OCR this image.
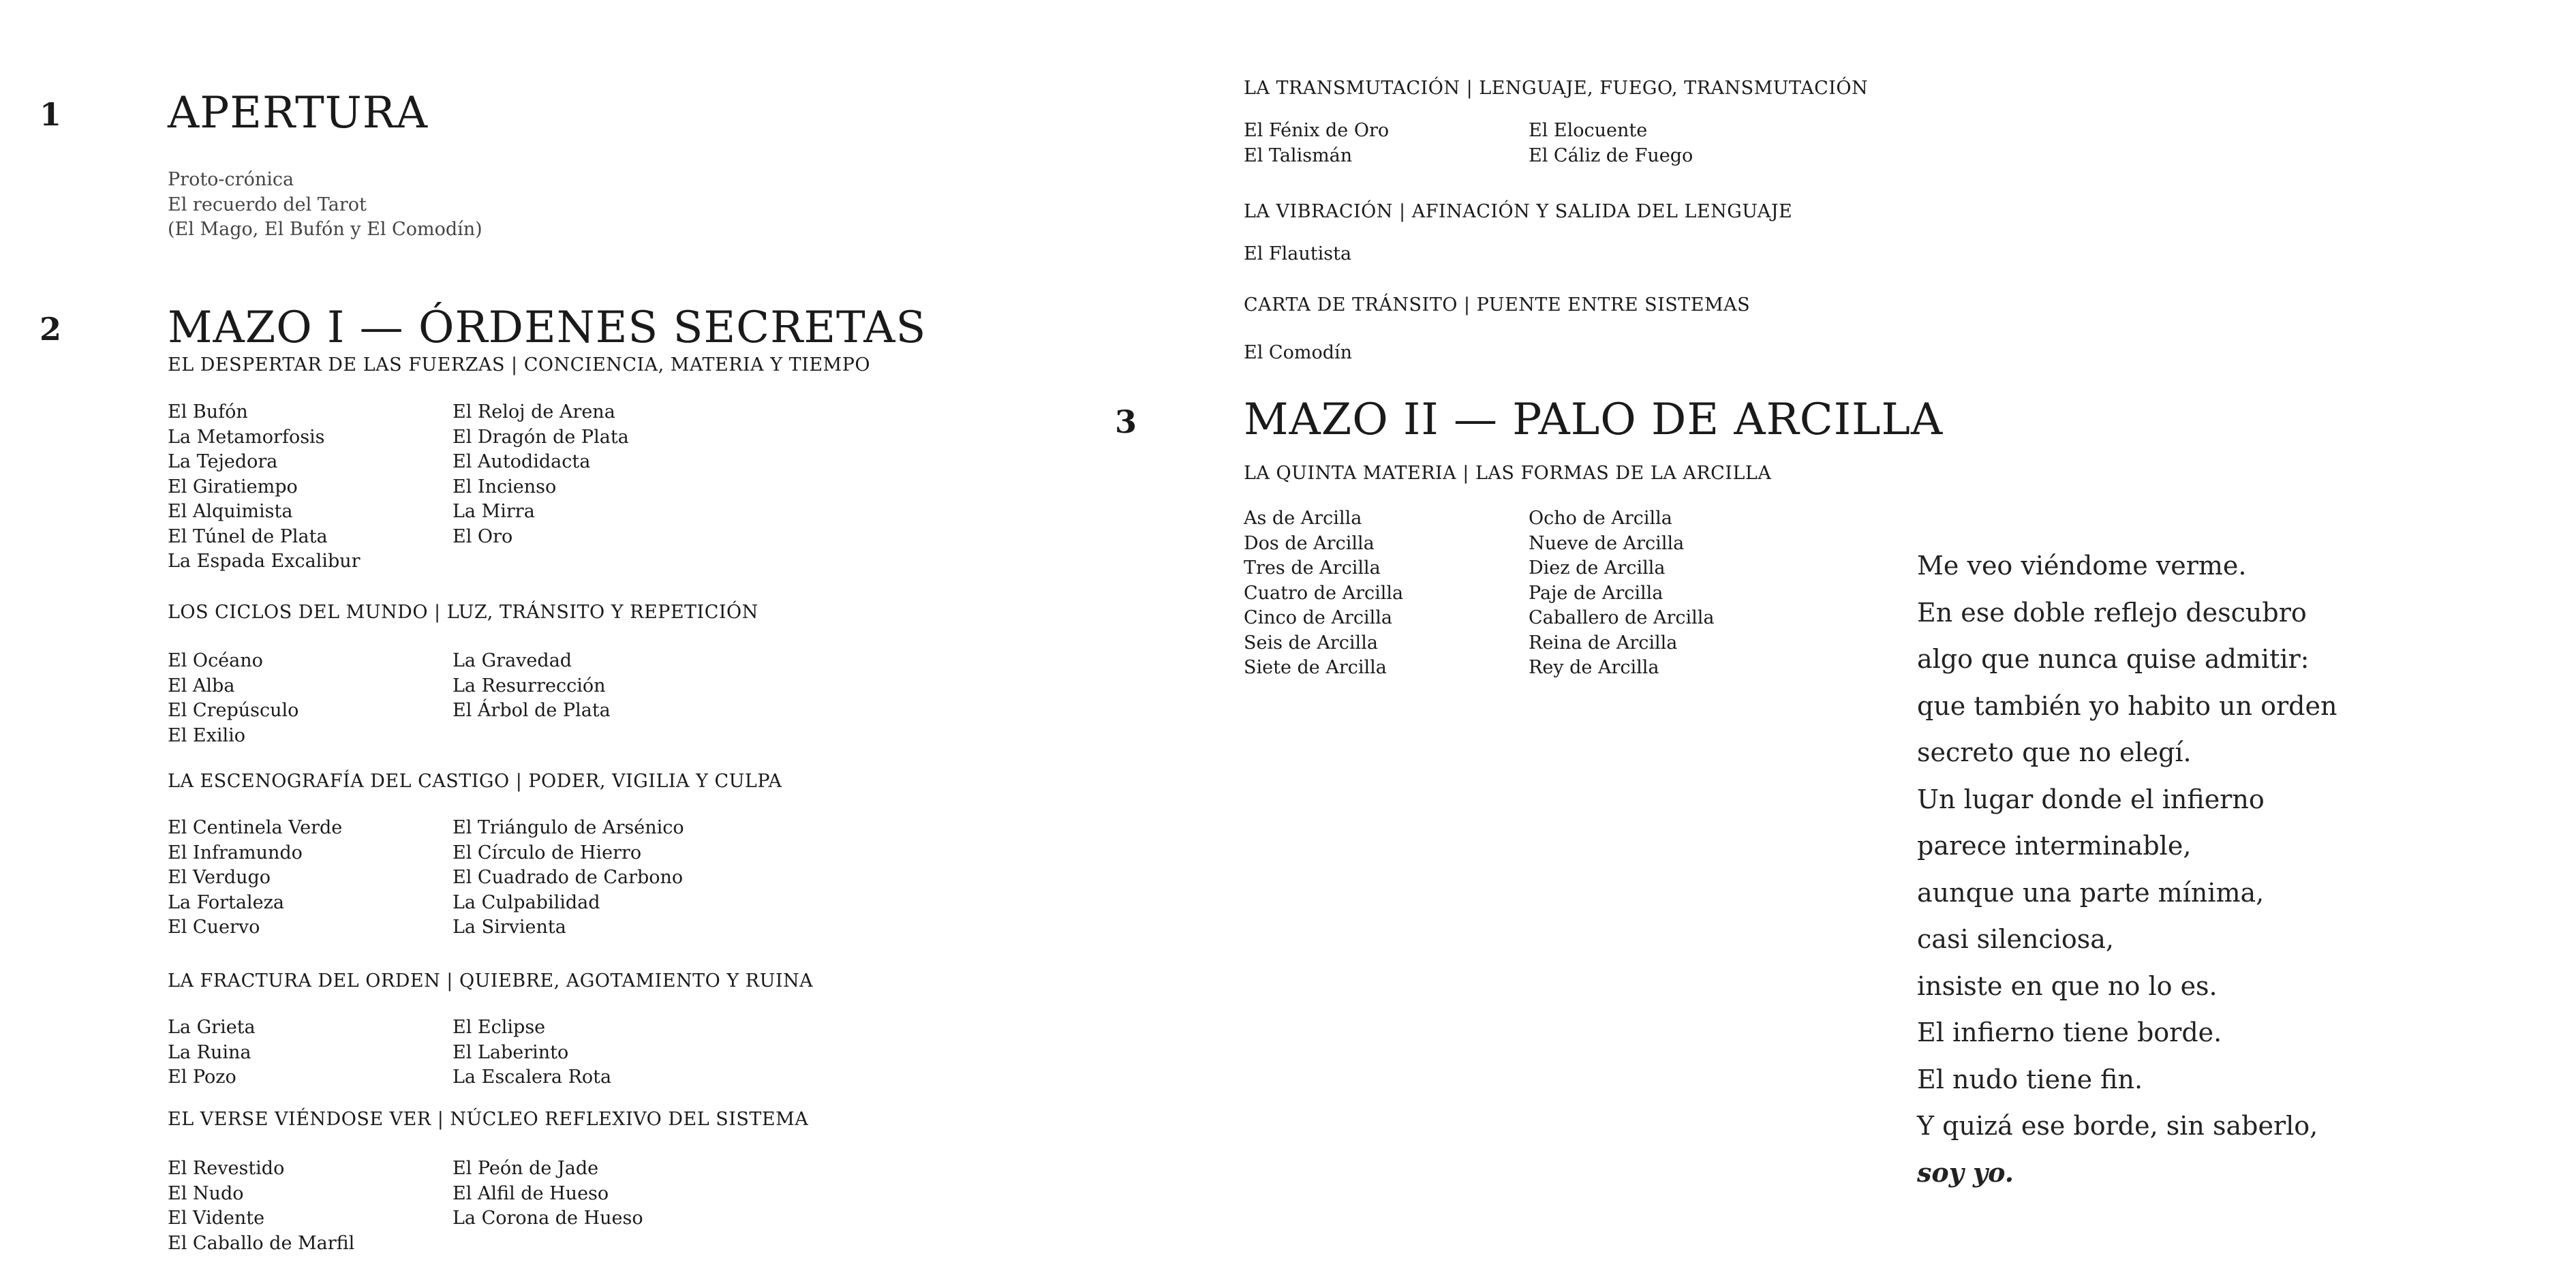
1 APERTURA
Proto-crónica
El recuerdo del Tarot
(El Mago, El Bufón y El Comodín)
2 MAZO I — ÓRDENES SECRETAS
EL DESPERTAR DE LAS FUERZAS | CONCIENCIA, MATERIA Y TIEMPO
El Bufón
La Metamorfosis
La Tejedora
El Giratiempo
El Alquimista
El Túnel de Plata
La Espada Excalibur
El Reloj de Arena
El Dragón de Plata
El Autodidacta
El Incienso
La Mirra
El Oro
LOS CICLOS DEL MUNDO | LUZ, TRÁNSITO Y REPETICIÓN
El Océano
El Alba
El Crepúsculo
El Exilio
La Gravedad
La Resurrección
El Árbol de Plata
LA ESCENOGRAFÍA DEL CASTIGO | PODER, VIGILIA Y CULPA
El Centinela Verde
El Inframundo
El Verdugo
La Fortaleza
El Cuervo
El Triángulo de Arsénico
El Círculo de Hierro
El Cuadrado de Carbono
La Culpabilidad
La Sirvienta
LA FRACTURA DEL ORDEN | QUIEBRE, AGOTAMIENTO Y RUINA
La Grieta
La Ruina
El Pozo
El Eclipse
El Laberinto
La Escalera Rota
EL VERSE VIÉNDOSE VER | NÚCLEO REFLEXIVO DEL SISTEMA
El Revestido
El Nudo
El Vidente
El Caballo de Marfil
El Peón de Jade
El Alfil de Hueso
La Corona de Hueso
LA TRANSMUTACIÓN | LENGUAJE, FUEGO, TRANSMUTACIÓN
El Fénix de Oro
El Talismán
El Elocuente
El Cáliz de Fuego
LA VIBRACIÓN | AFINACIÓN Y SALIDA DEL LENGUAJE
El Flautista
CARTA DE TRÁNSITO | PUENTE ENTRE SISTEMAS
El Comodín
3 MAZO II — PALO DE ARCILLA
LA QUINTA MATERIA | LAS FORMAS DE LA ARCILLA
As de Arcilla
Dos de Arcilla
Tres de Arcilla
Cuatro de Arcilla
Cinco de Arcilla
Seis de Arcilla
Siete de Arcilla
Ocho de Arcilla
Nueve de Arcilla
Diez de Arcilla
Paje de Arcilla
Caballero de Arcilla
Reina de Arcilla
Rey de Arcilla
Me veo viéndome verme.
En ese doble reflejo descubro
algo que nunca quise admitir:
que también yo habito un orden
secreto que no elegí.
Un lugar donde el infierno
parece interminable,
aunque una parte mínima,
casi silenciosa,
insiste en que no lo es.
El infierno tiene borde.
El nudo tiene fin.
Y quizá ese borde, sin saberlo,
soy yo.
